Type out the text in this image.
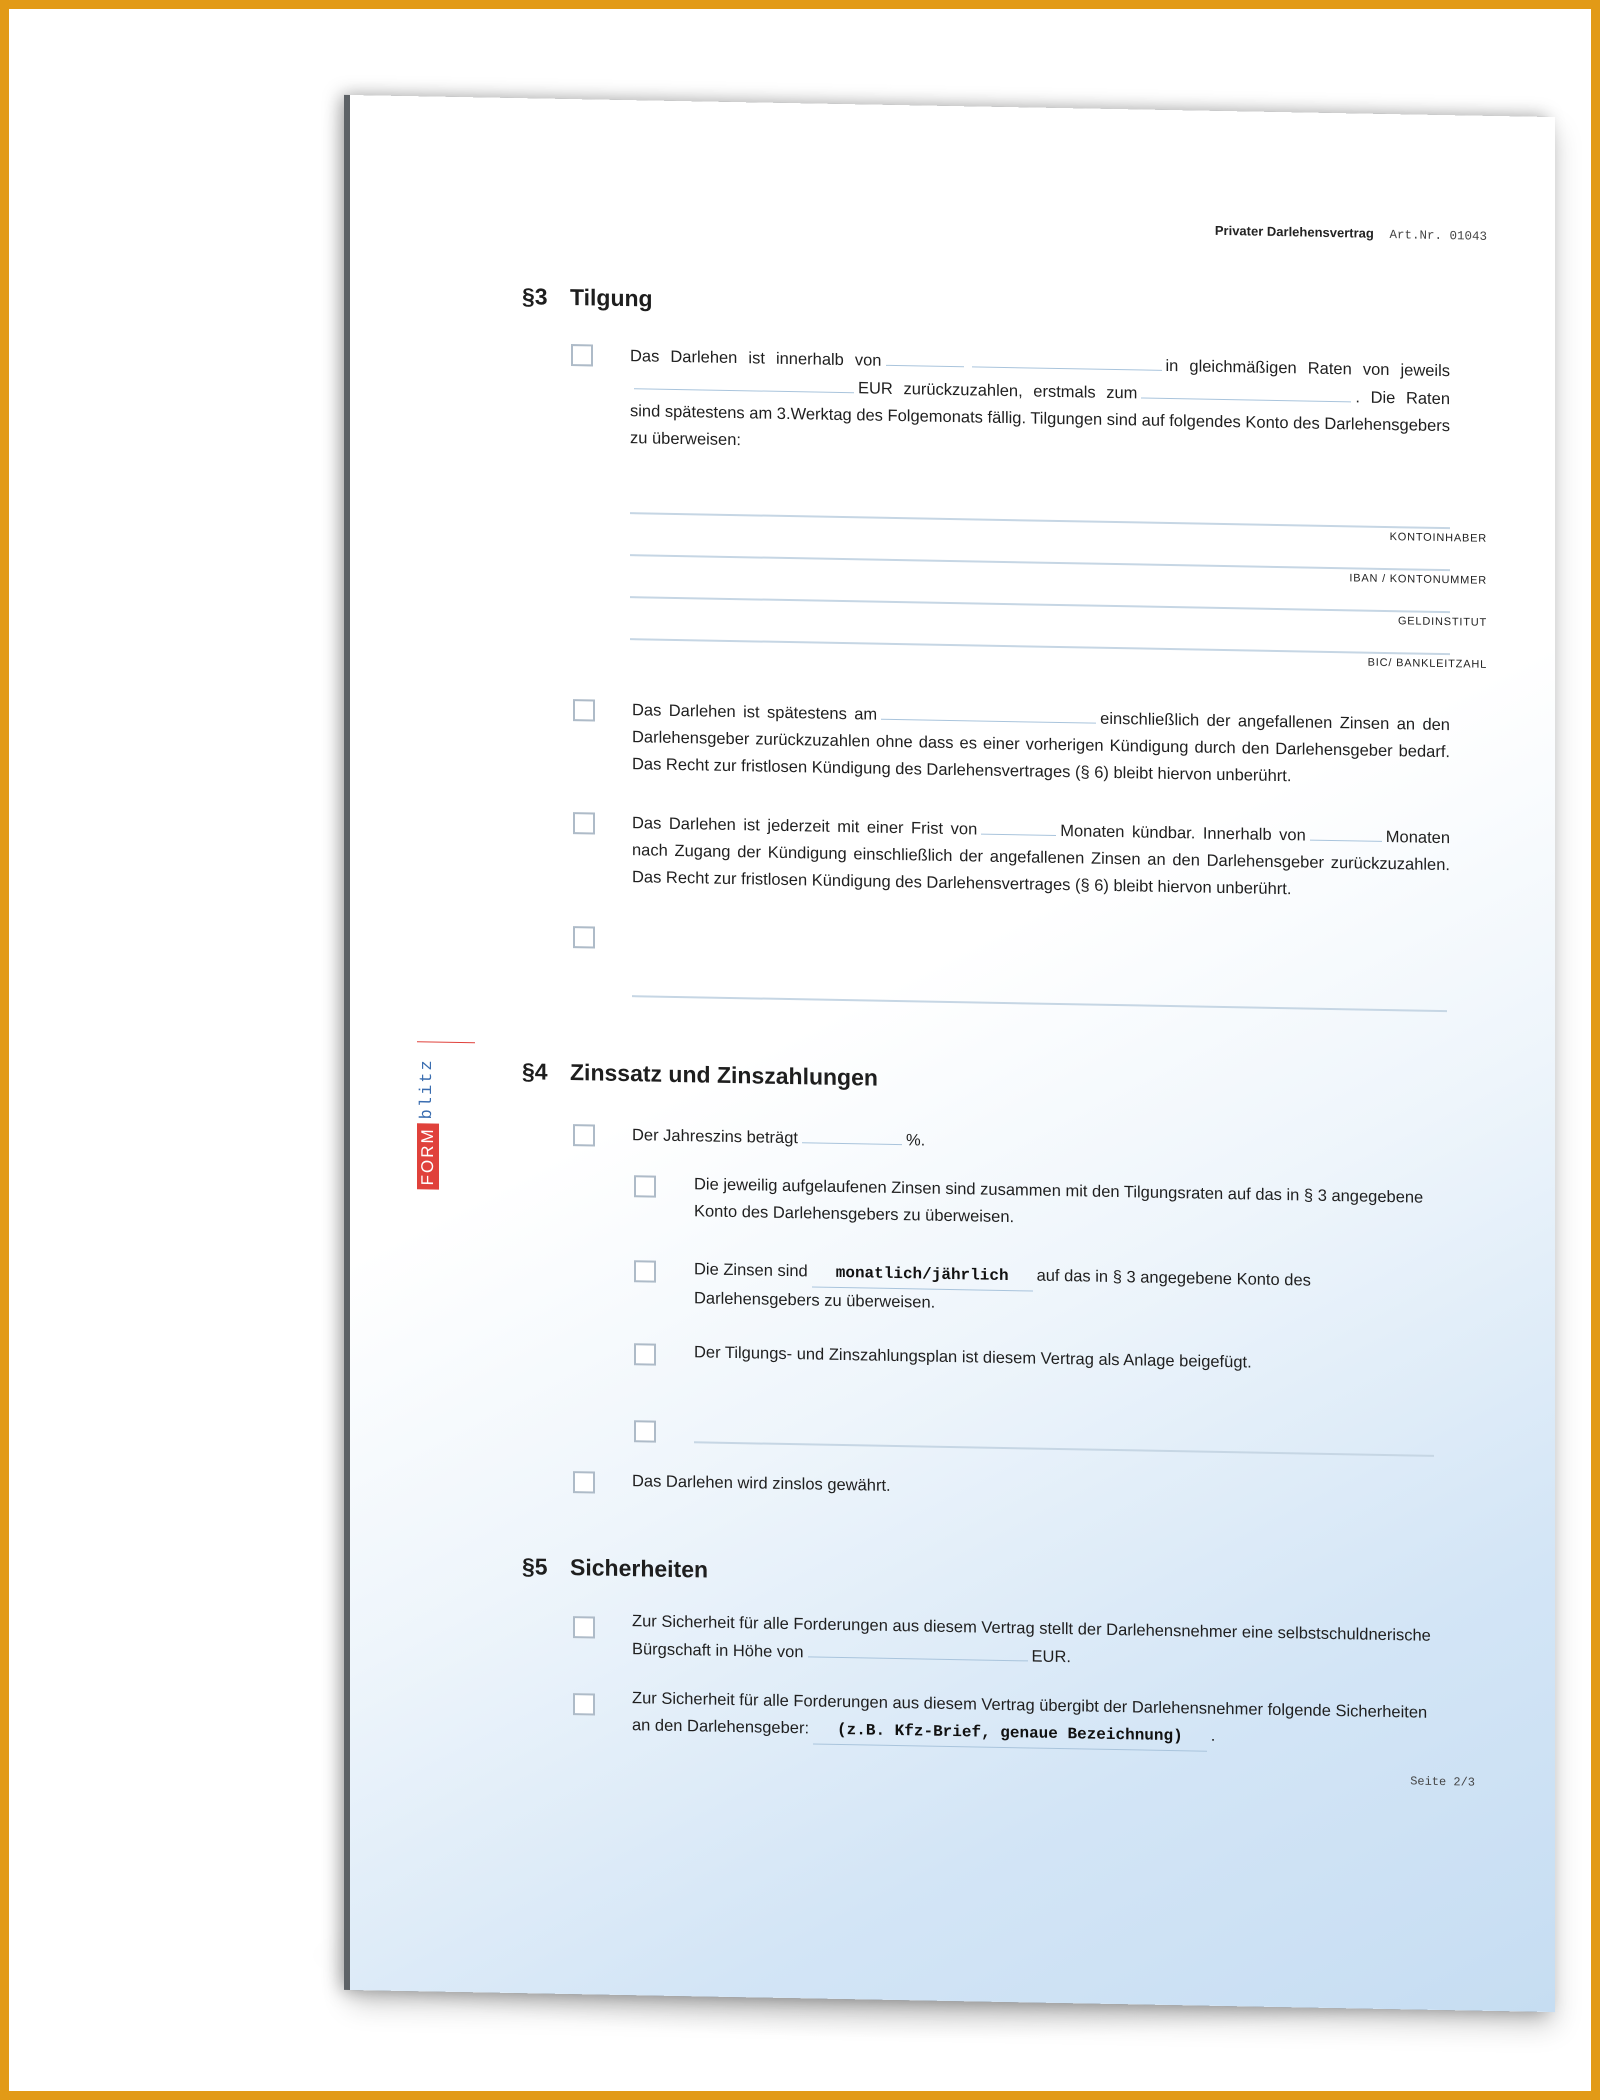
Privater Darlehensvertrag Art.Nr. 01043
FORM
blitz
§3 Tilgung
Das Darlehen ist innerhalb von	in gleichmäßigen Raten von jeweils EUR zurückzuzahlen, erstmals zum	. Die Raten sind spätestens am 3.Werktag des Folgemonats fällig. Tilgungen sind auf folgendes Konto des Darlehensgebers zu überweisen:
KONTOINHABER
IBAN / KONTONUMMER
GELDINSTITUT
BIC/ BANKLEITZAHL
Das Darlehen ist spätestens am	einschließlich der angefallenen Zinsen an den Darlehensgeber zurückzuzahlen ohne dass es einer vorherigen Kündigung durch den Darlehensgeber bedarf. Das Recht zur fristlosen Kündigung des Darlehensvertrages (§ 6) bleibt hiervon unberührt.
Das Darlehen ist jederzeit mit einer Frist von	Monaten kündbar. Innerhalb von	Monaten nach Zugang der Kündigung einschließlich der angefallenen Zinsen an den Darlehensgeber zurückzuzahlen. Das Recht zur fristlosen Kündigung des Darlehensvertrages (§ 6) bleibt hiervon unberührt.
§4 Zinssatz und Zinszahlungen
Der Jahreszins beträgt	%.
Die jeweilig aufgelaufenen Zinsen sind zusammen mit den Tilgungsraten auf das in § 3 angegebene Konto des Darlehensgebers zu überweisen.
Die Zinsen sind monatlich/jährlich auf das in § 3 angegebene Konto des Darlehensgebers zu überweisen.
Der Tilgungs- und Zinszahlungsplan ist diesem Vertrag als Anlage beigefügt.
Das Darlehen wird zinslos gewährt.
§5 Sicherheiten
Zur Sicherheit für alle Forderungen aus diesem Vertrag stellt der Darlehensnehmer eine selbstschuldnerische Bürgschaft in Höhe von	EUR.
Zur Sicherheit für alle Forderungen aus diesem Vertrag übergibt der Darlehensnehmer folgende Sicherheiten an den Darlehensgeber: (z.B. Kfz-Brief, genaue Bezeichnung) .
Seite 2/3
